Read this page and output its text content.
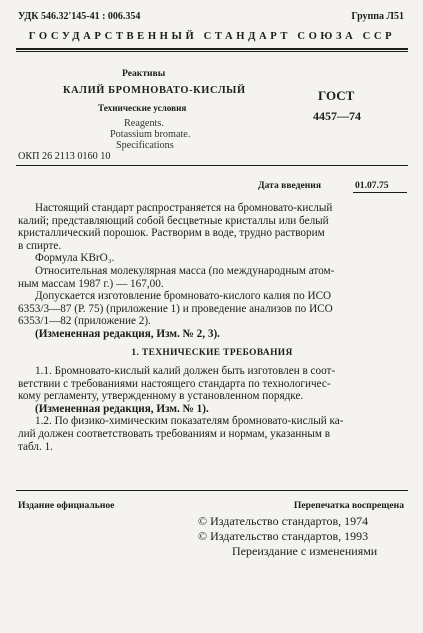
УДК 546.32'145-41 : 006.354	Группа Л51
ГОСУДАРСТВЕННЫЙ СТАНДАРТ СОЮЗА ССР
Реактивы
КАЛИЙ БРОМНОВАТО-КИСЛЫЙ
Технические условия
Reagents.
Potassium bromate.
Specifications
ГОСТ
4457—74
ОКП 26 2113 0160 10
Дата введения	01.07.75
Настоящий стандарт распространяется на бромновато-кислый
калий; представляющий собой бесцветные кристаллы или белый
кристаллический порошок. Растворим в воде, трудно растворим
в спирте.
Формула KBrO₃.
Относительная молекулярная масса (по международным атом-
ным массам 1987 г.) — 167,00.
Допускается изготовление бромновато-кислого калия по ИСО
6353/3—87 (Р. 75) (приложение 1) и проведение анализов по ИСО
6353/1—82 (приложение 2).
(Измененная редакция, Изм. № 2, 3).
1. ТЕХНИЧЕСКИЕ ТРЕБОВАНИЯ
1.1. Бромновато-кислый калий должен быть изготовлен в соот-
ветствии с требованиями настоящего стандарта по технологичес-
кому регламенту, утвержденному в установленном порядке.
(Измененная редакция, Изм. № 1).
1.2. По физико-химическим показателям бромновато-кислый ка-
лий должен соответствовать требованиям и нормам, указанным в
табл. 1.
Издание официальное	Перепечатка воспрещена
© Издательство стандартов, 1974
© Издательство стандартов, 1993
Переиздание с изменениями
